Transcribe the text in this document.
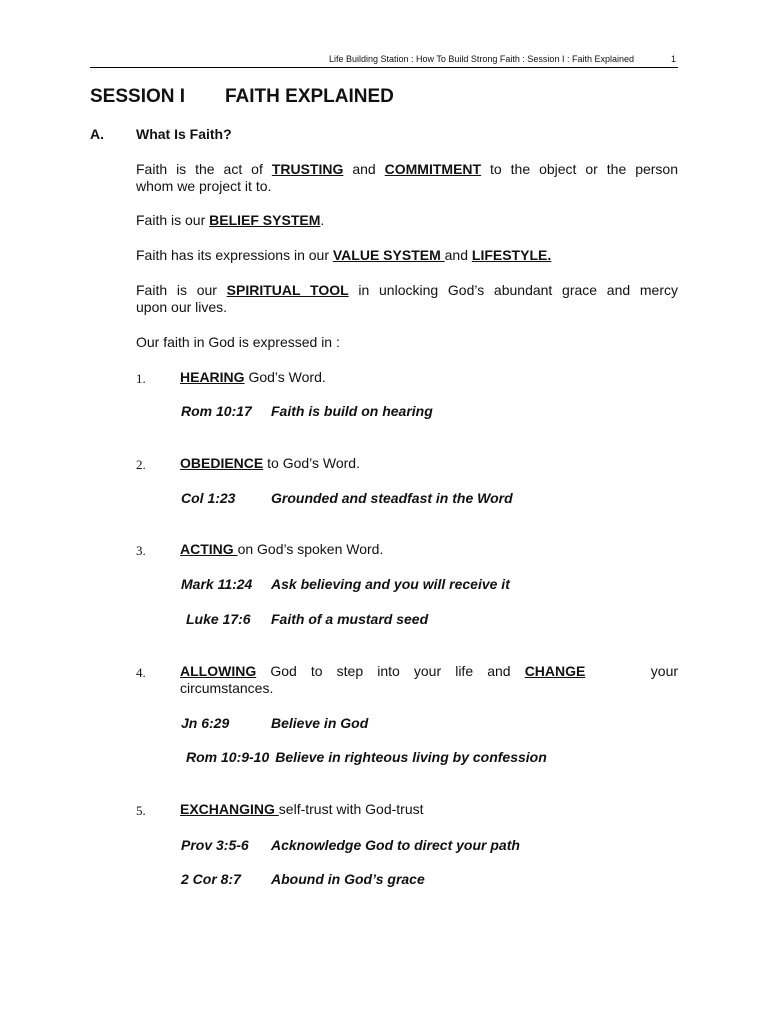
Life Building Station : How To Build Strong Faith : Session I : Faith Explained	1
SESSION I FAITH EXPLAINED
A. What Is Faith?
Faith is the act of TRUSTING and COMMITMENT to the object or the person
whom we project it to.
Faith is our BELIEF SYSTEM.
Faith has its expressions in our VALUE SYSTEM and LIFESTYLE.
Faith is our SPIRITUAL TOOL in unlocking God’s abundant grace and mercy
upon our lives.
Our faith in God is expressed in :
1. HEARING God’s Word.
Rom 10:17 Faith is build on hearing
2. OBEDIENCE to God’s Word.
Col 1:23	Grounded and steadfast in the Word
3. ACTING on God’s spoken Word.
Mark 11:24 Ask believing and you will receive it
Luke 17:6 Faith of a mustard seed
4. ALLOWING God to step into your life and CHANGE	your
circumstances.
Jn 6:29	Believe in God
Rom 10:9-10 Believe in righteous living by confession
5. EXCHANGING self-trust with God-trust
Prov 3:5-6 Acknowledge God to direct your path
2 Cor 8:7 Abound in God’s grace
